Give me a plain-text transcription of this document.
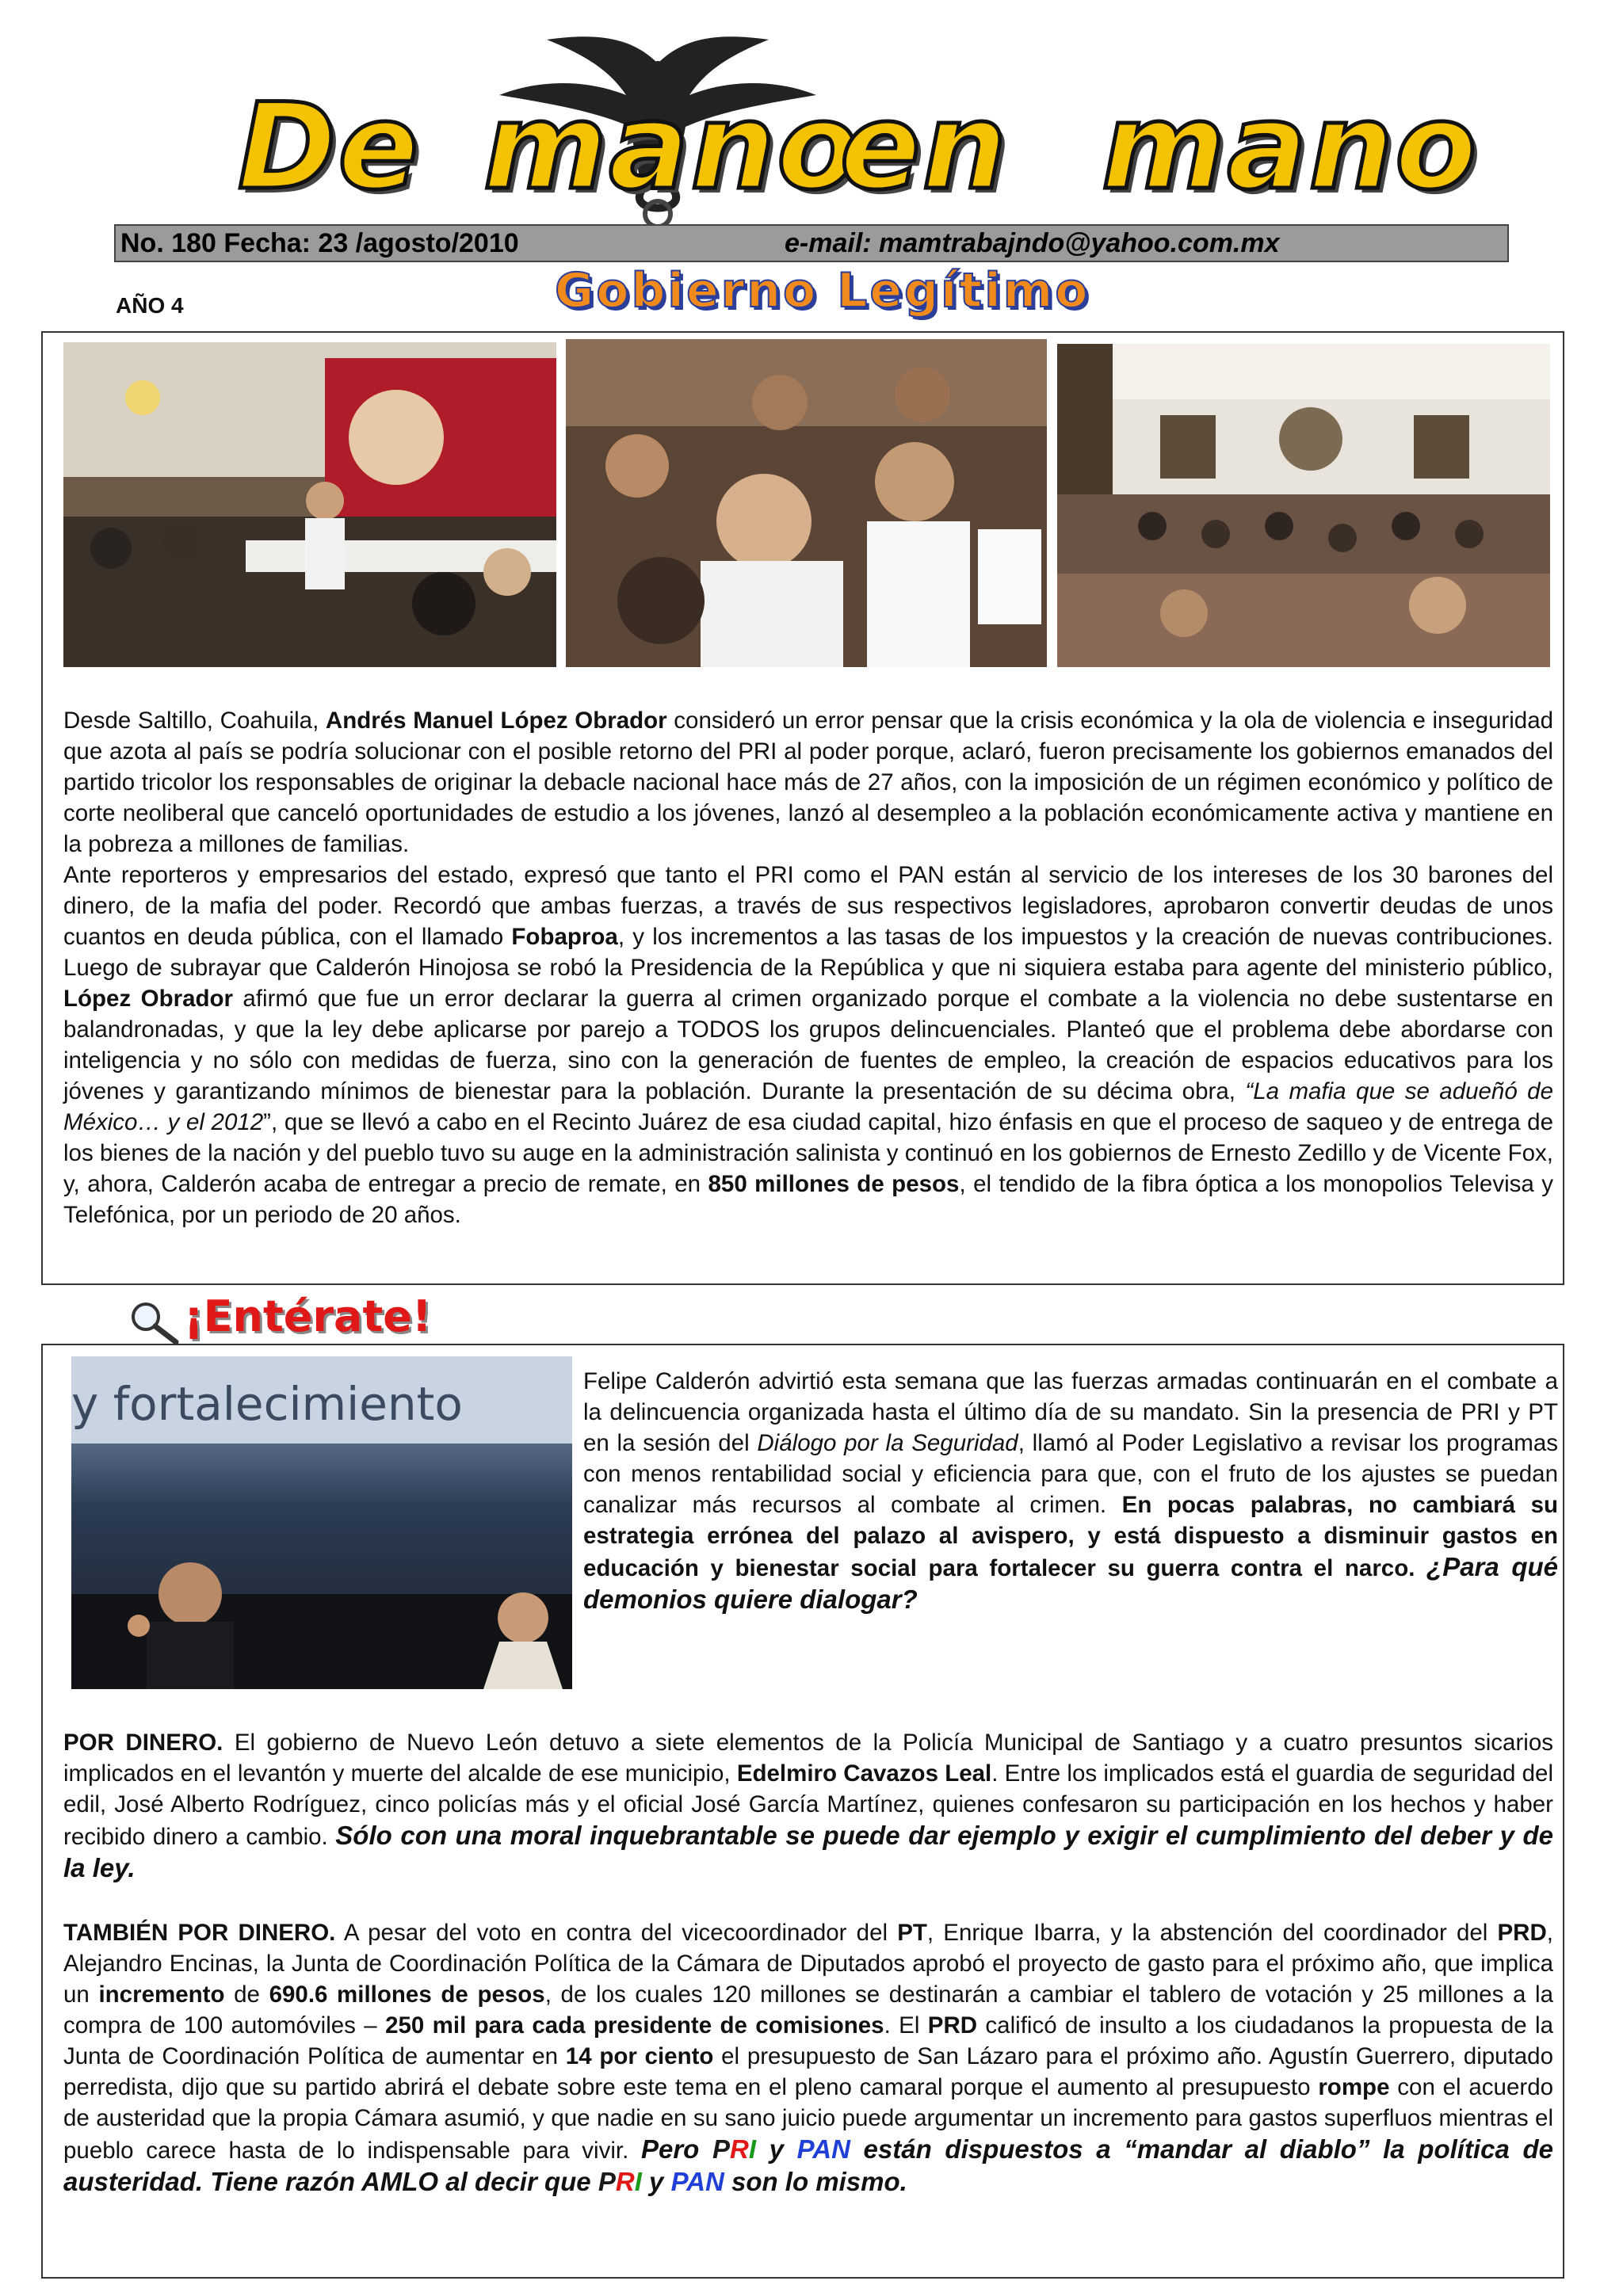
De mano
en mano
No. 180 Fecha: 23 /agosto/2010	e-mail: mamtrabajndo@yahoo.com.mx
AÑO 4	Gobierno Legítimo

Desde Saltillo, Coahuila, Andrés Manuel López Obrador consideró un error pensar que la crisis económica y la ola de violencia e inseguridad que azota al país se podría solucionar con el posible retorno del PRI al poder porque, aclaró, fueron precisamente los gobiernos emanados del partido tricolor los responsables de originar la debacle nacional hace más de 27 años, con la imposición de un régimen económico y político de corte neoliberal que canceló oportunidades de estudio a los jóvenes, lanzó al desempleo a la población económicamente activa y mantiene en la pobreza a millones de familias.

Ante reporteros y empresarios del estado, expresó que tanto el PRI como el PAN están al servicio de los intereses de los 30 barones del dinero, de la mafia del poder. Recordó que ambas fuerzas, a través de sus respectivos legisladores, aprobaron convertir deudas de unos cuantos en deuda pública, con el llamado Fobaproa, y los incrementos a las tasas de los impuestos y la creación de nuevas contribuciones. Luego de subrayar que Calderón Hinojosa se robó la Presidencia de la República y que ni siquiera estaba para agente del ministerio público, López Obrador afirmó que fue un error declarar la guerra al crimen organizado porque el combate a la violencia no debe sustentarse en balandronadas, y que la ley debe aplicarse por parejo a TODOS los grupos delincuenciales. Planteó que el problema debe abordarse con inteligencia y no sólo con medidas de fuerza, sino con la generación de fuentes de empleo, la creación de espacios educativos para los jóvenes y garantizando mínimos de bienestar para la población. Durante la presentación de su décima obra, “La mafia que se adueñó de México… y el 2012”, que se llevó a cabo en el Recinto Juárez de esa ciudad capital, hizo énfasis en que el proceso de saqueo y de entrega de los bienes de la nación y del pueblo tuvo su auge en la administración salinista y continuó en los gobiernos de Ernesto Zedillo y de Vicente Fox, y, ahora, Calderón acaba de entregar a precio de remate, en 850 millones de pesos, el tendido de la fibra óptica a los monopolios Televisa y Telefónica, por un periodo de 20 años.

¡Entérate!
y fortalecimiento	Felipe Calderón advirtió esta semana que las fuerzas armadas continuarán en el combate a la delincuencia organizada hasta el último día de su mandato. Sin la presencia de PRI y PT en la sesión del Diálogo por la Seguridad, llamó al Poder Legislativo a revisar los programas con menos rentabilidad social y eficiencia para que, con el fruto de los ajustes se puedan canalizar más recursos al combate al crimen. En pocas palabras, no cambiará su estrategia errónea del palazo al avispero, y está dispuesto a disminuir gastos en educación y bienestar social para fortalecer su guerra contra el narco. ¿Para qué demonios quiere dialogar?
POR DINERO. El gobierno de Nuevo León detuvo a siete elementos de la Policía Municipal de Santiago y a cuatro presuntos sicarios implicados en el levantón y muerte del alcalde de ese municipio, Edelmiro Cavazos Leal. Entre los implicados está el guardia de seguridad del edil, José Alberto Rodríguez, cinco policías más y el oficial José García Martínez, quienes confesaron su participación en los hechos y haber recibido dinero a cambio. Sólo con una moral inquebrantable se puede dar ejemplo y exigir el cumplimiento del deber y de la ley.
TAMBIÉN POR DINERO. A pesar del voto en contra del vicecoordinador del PT, Enrique Ibarra, y la abstención del coordinador del PRD, Alejandro Encinas, la Junta de Coordinación Política de la Cámara de Diputados aprobó el proyecto de gasto para el próximo año, que implica un incremento de 690.6 millones de pesos, de los cuales 120 millones se destinarán a cambiar el tablero de votación y 25 millones a la compra de 100 automóviles – 250 mil para cada presidente de comisiones. El PRD calificó de insulto a los ciudadanos la propuesta de la Junta de Coordinación Política de aumentar en 14 por ciento el presupuesto de San Lázaro para el próximo año. Agustín Guerrero, diputado perredista, dijo que su partido abrirá el debate sobre este tema en el pleno camaral porque el aumento al presupuesto rompe con el acuerdo de austeridad que la propia Cámara asumió, y que nadie en su sano juicio puede argumentar un incremento para gastos superfluos mientras el pueblo carece hasta de lo indispensable para vivir. Pero PRI y PAN están dispuestos a “mandar al diablo” la política de austeridad. Tiene razón AMLO al decir que PRI y PAN son lo mismo.
